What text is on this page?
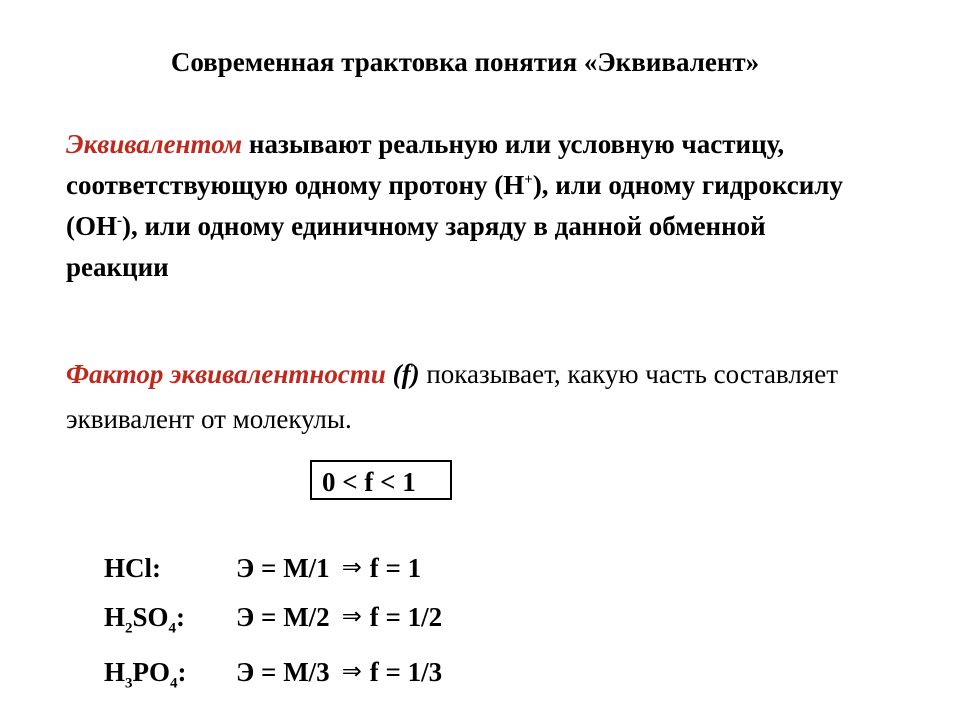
Современная трактовка понятия «Эквивалент»
Эквивалентом называют реальную или условную частицу, соответствующую одному протону (Н+), или одному гидроксилу (ОН-), или одному единичному заряду в данной обменной реакции
Фактор эквивалентности (f) показывает, какую часть составляет эквивалент от молекулы.
0 < f < 1
HCl:	Э = M/1 ⇒ f = 1
$H_2SO_4$: Э = M/2 ⇒ f = 1/2
$H_3PO_4$: Э = M/3 ⇒ f = 1/3
